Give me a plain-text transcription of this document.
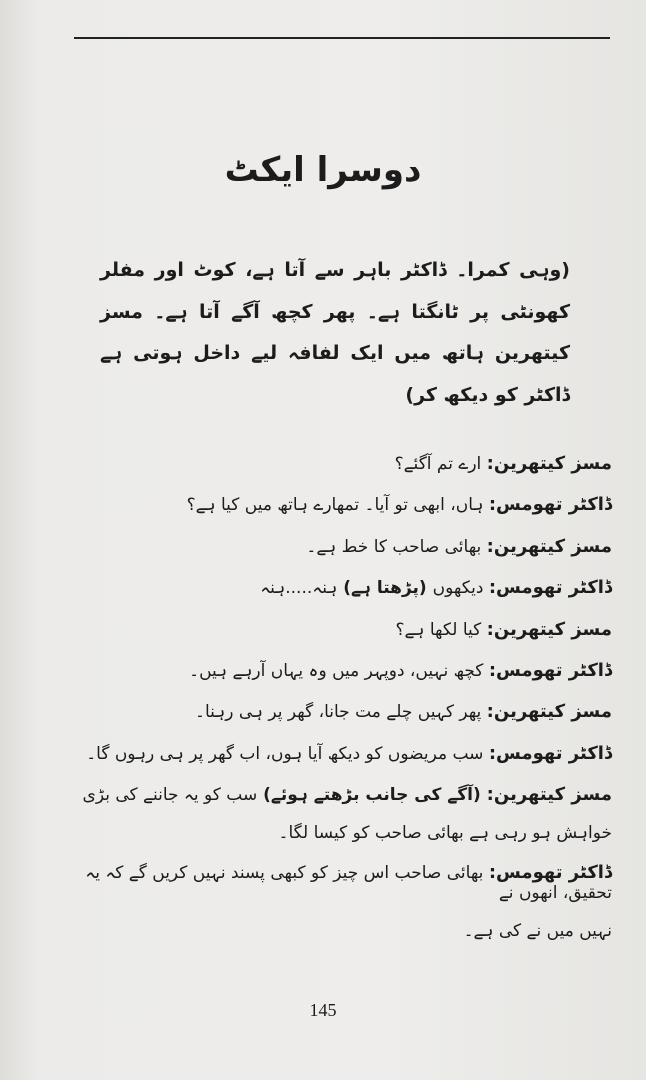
دوسرا ایکٹ
(وہی کمرا۔ ڈاکٹر باہر سے آتا ہے، کوٹ اور مفلر کھونٹی پر ٹانگتا ہے۔ پھر کچھ آگے آتا ہے۔ مسز کیتھرین ہاتھ میں ایک لفافہ لیے داخل ہوتی ہے ڈاکٹر کو دیکھ کر)
مسز کیتھرین: ارے تم آگئے؟
ڈاکٹر تھومس: ہاں، ابھی تو آیا۔ تمھارے ہاتھ میں کیا ہے؟
مسز کیتھرین: بھائی صاحب کا خط ہے۔
ڈاکٹر تھومس: دیکھوں (پڑھتا ہے) ہنہ.....ہنہ
مسز کیتھرین: کیا لکھا ہے؟
ڈاکٹر تھومس: کچھ نہیں، دوپہر میں وہ یہاں آرہے ہیں۔
مسز کیتھرین: پھر کہیں چلے مت جانا، گھر پر ہی رہنا۔
ڈاکٹر تھومس: سب مریضوں کو دیکھ آیا ہوں، اب گھر پر ہی رہوں گا۔
مسز کیتھرین: (آگے کی جانب بڑھتے ہوئے) سب کو یہ جاننے کی بڑی
خواہش ہو رہی ہے بھائی صاحب کو کیسا لگا۔
ڈاکٹر تھومس: بھائی صاحب اس چیز کو کبھی پسند نہیں کریں گے کہ یہ تحقیق، انھوں نے
نہیں میں نے کی ہے۔
145
